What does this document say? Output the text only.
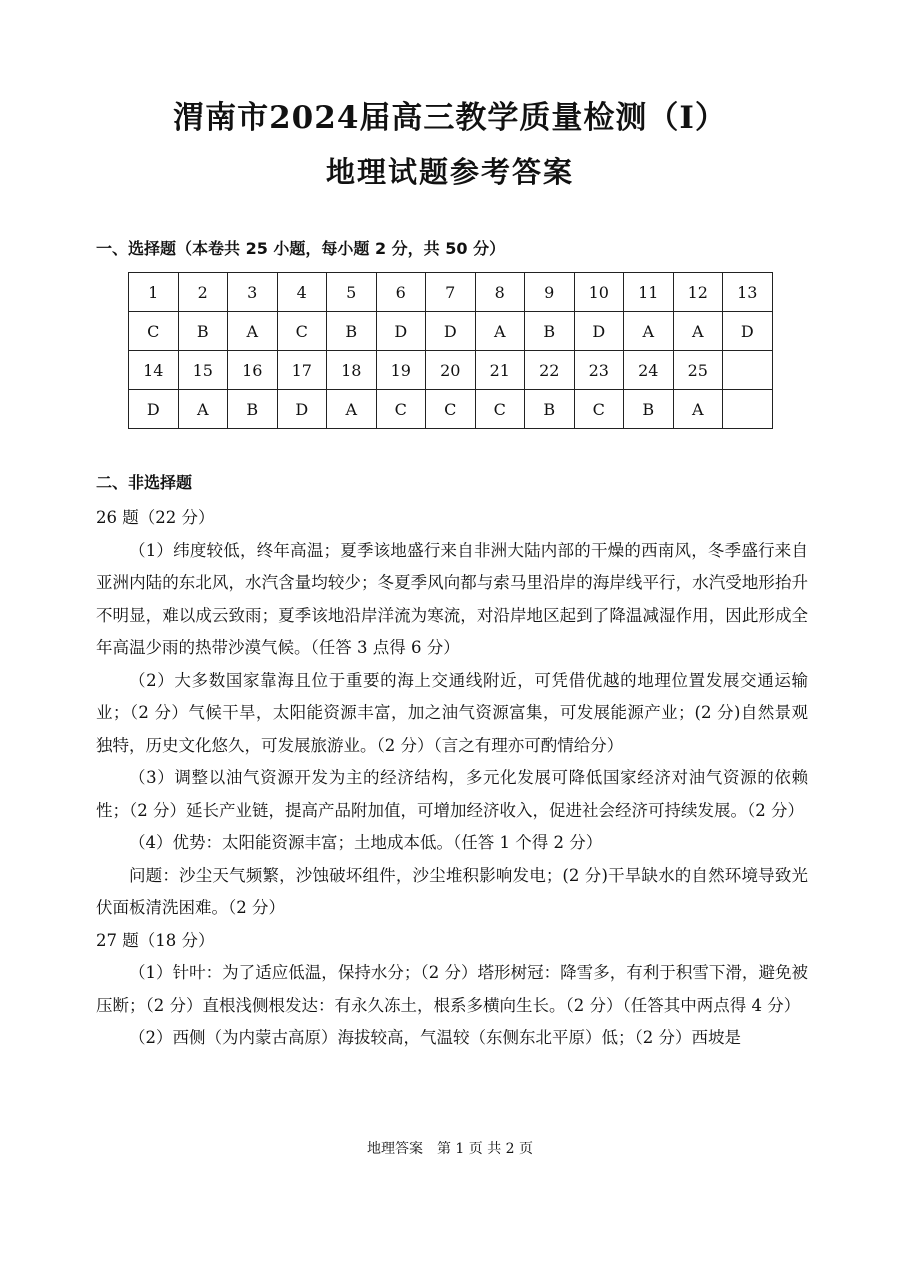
渭南市2024届高三教学质量检测（Ⅰ）
地理试题参考答案
一、选择题（本卷共 25 小题，每小题 2 分，共 50 分）
1	2	3	4	5	6	7	8	9	10	11	12	13
C	B	A	C	B	D	D	A	B	D	A	A	D
14	15	16	17	18	19	20	21	22	23	24	25	
D	A	B	D	A	C	C	C	B	C	B	A	
二、非选择题

26 题（22 分）

（1）纬度较低，终年高温；夏季该地盛行来自非洲大陆内部的干燥的西南风，冬季盛行来自亚洲内陆的东北风，水汽含量均较少；冬夏季风向都与索马里沿岸的海岸线平行，水汽受地形抬升不明显，难以成云致雨；夏季该地沿岸洋流为寒流，对沿岸地区起到了降温减湿作用，因此形成全年高温少雨的热带沙漠气候。（任答 3 点得 6 分）

（2）大多数国家靠海且位于重要的海上交通线附近，可凭借优越的地理位置发展交通运输业；（2 分）气候干旱，太阳能资源丰富，加之油气资源富集，可发展能源产业；(2 分)自然景观独特，历史文化悠久，可发展旅游业。（2 分）（言之有理亦可酌情给分）

（3）调整以油气资源开发为主的经济结构，多元化发展可降低国家经济对油气资源的依赖性；（2 分）延长产业链，提高产品附加值，可增加经济收入，促进社会经济可持续发展。（2 分）

（4）优势：太阳能资源丰富；土地成本低。（任答 1 个得 2 分）

问题：沙尘天气频繁，沙蚀破坏组件，沙尘堆积影响发电；(2 分)干旱缺水的自然环境导致光伏面板清洗困难。（2 分）

27 题（18 分）

（1）针叶：为了适应低温，保持水分；（2 分）塔形树冠：降雪多，有利于积雪下滑，避免被压断；（2 分）直根浅侧根发达：有永久冻土，根系多横向生长。（2 分）（任答其中两点得 4 分）

（2）西侧（为内蒙古高原）海拔较高，气温较（东侧东北平原）低；（2 分）西坡是

地理答案　第 1 页 共 2 页
